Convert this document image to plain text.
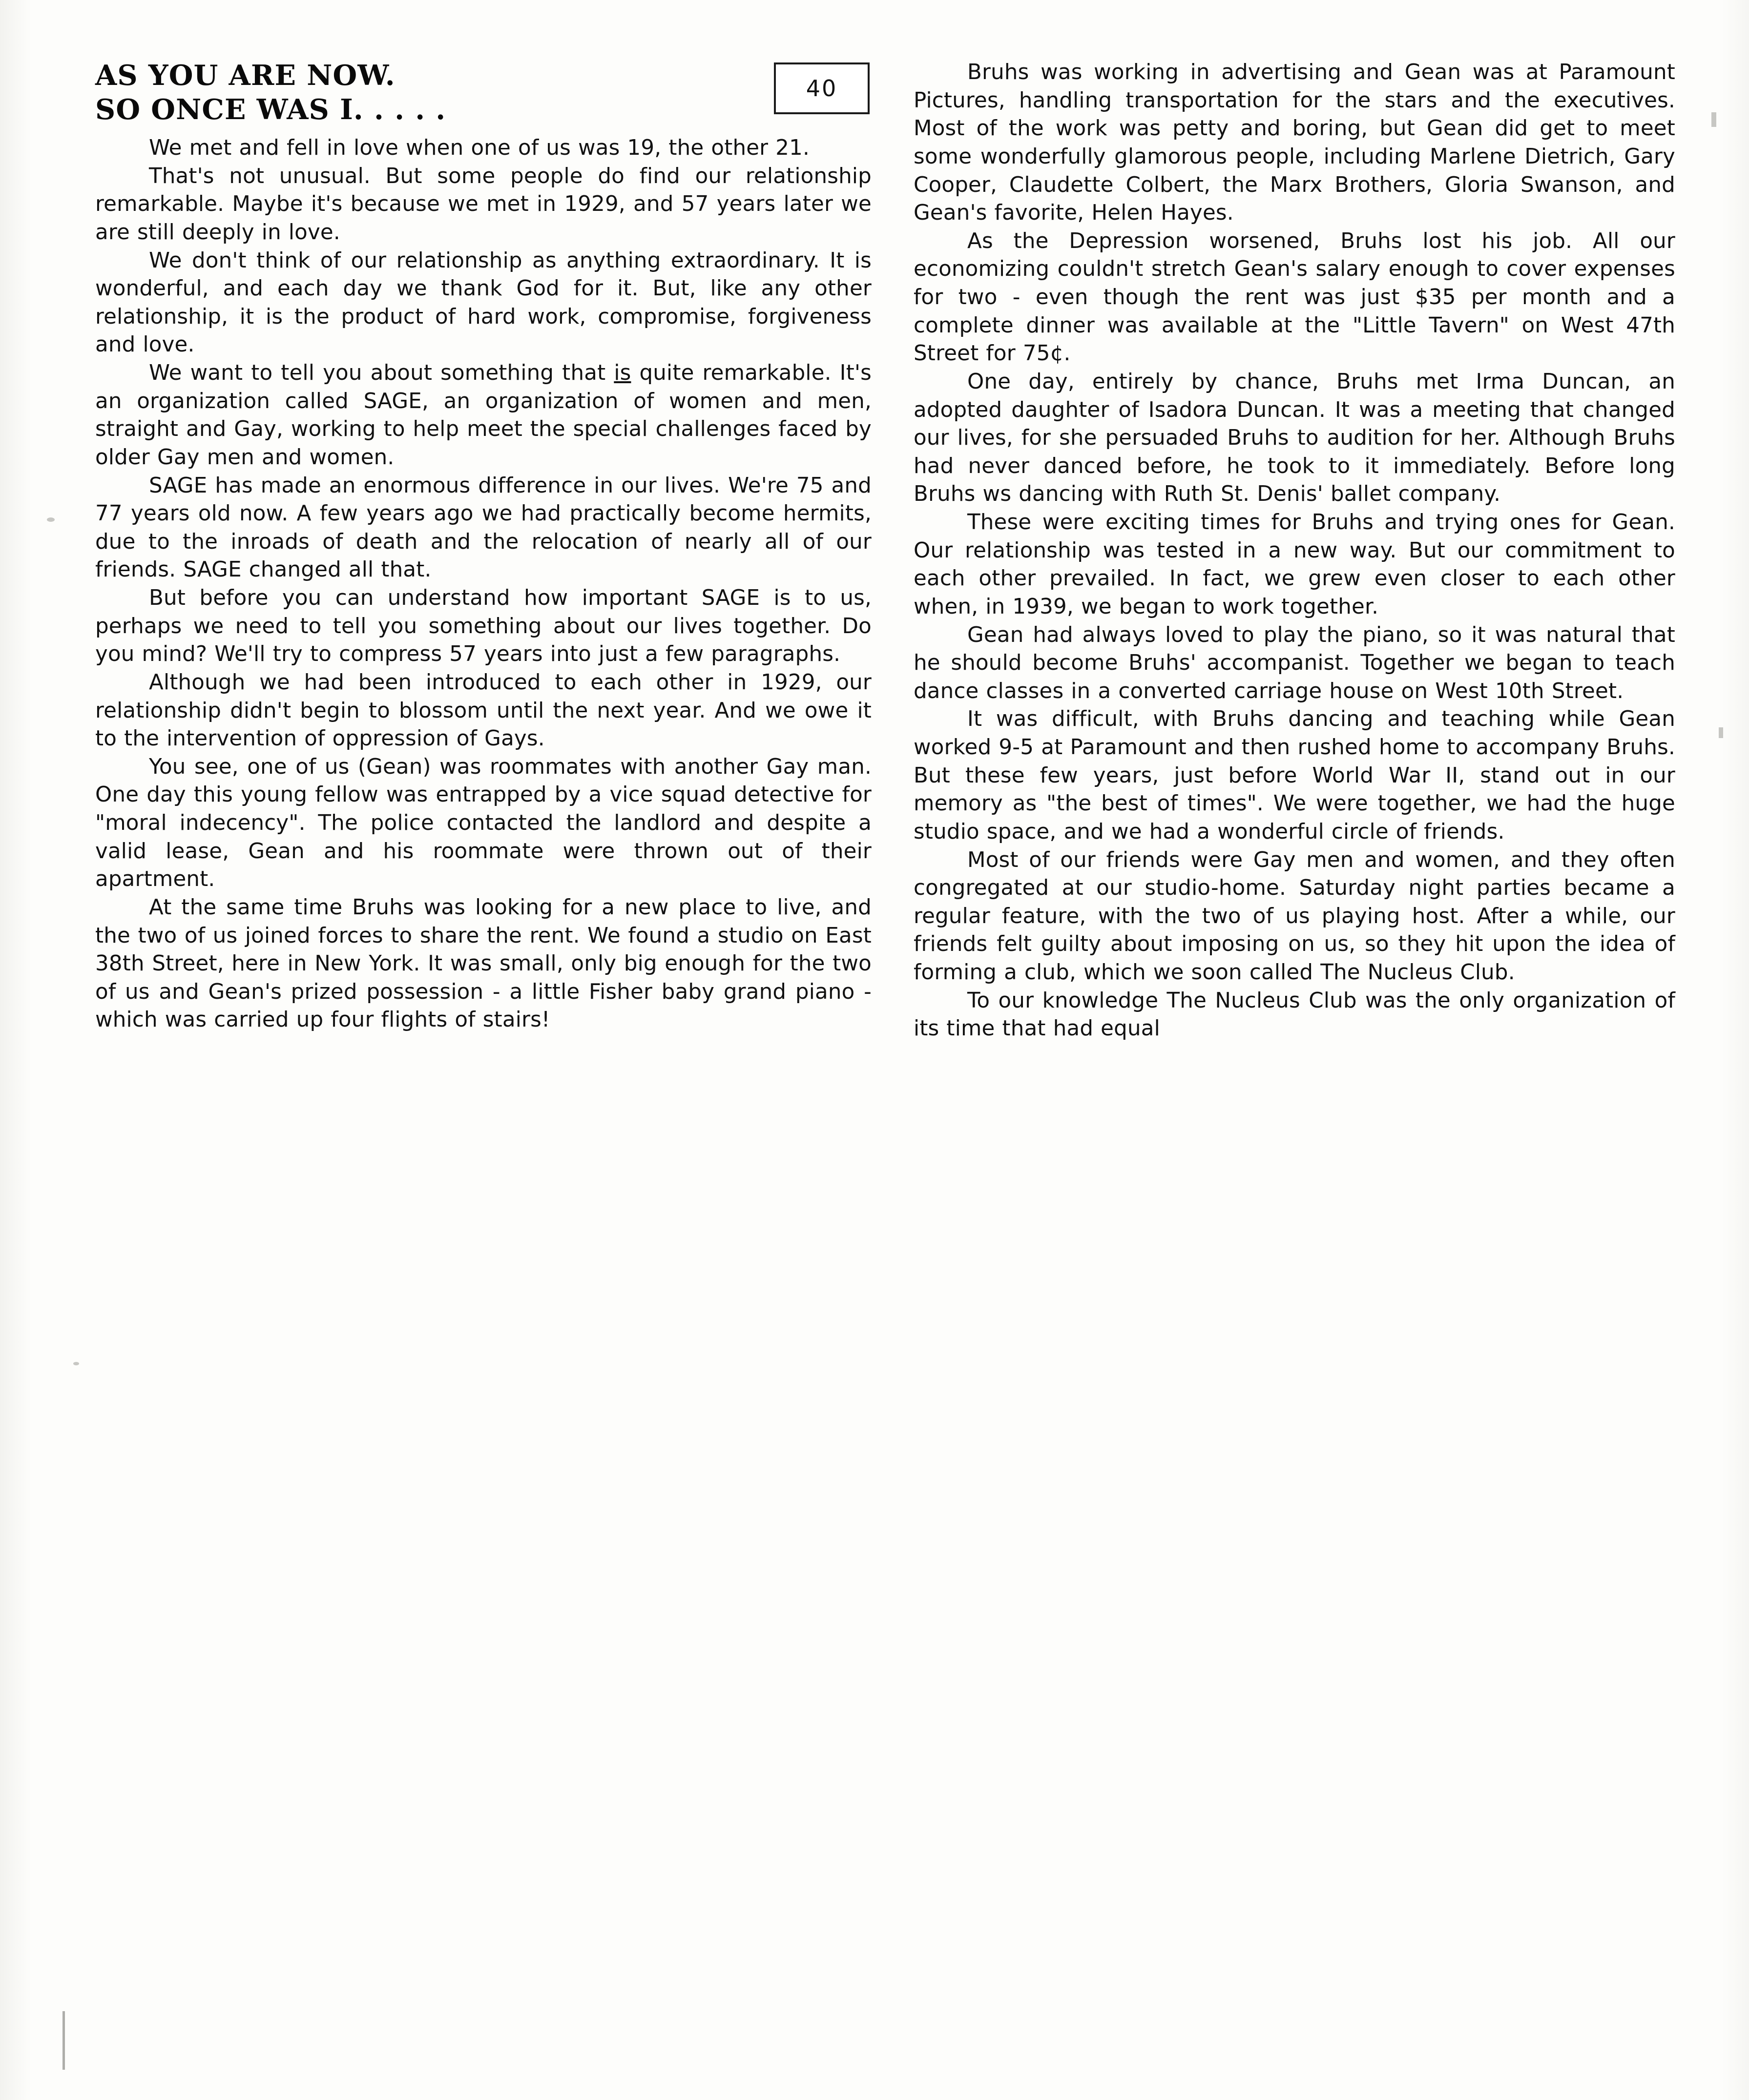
40
AS YOU ARE NOW.
SO ONCE WAS I. . . . .

We met and fell in love when one of us was 19, the other 21.

That's not unusual. But some people do find our relationship remarkable. Maybe it's because we met in 1929, and 57 years later we are still deeply in love.

We don't think of our relationship as anything extraordinary. It is wonderful, and each day we thank God for it. But, like any other relationship, it is the product of hard work, compromise, forgiveness and love.

We want to tell you about something that is quite remarkable. It's an organization called SAGE, an organization of women and men, straight and Gay, working to help meet the special challenges faced by older Gay men and women.

SAGE has made an enormous difference in our lives. We're 75 and 77 years old now. A few years ago we had practically become hermits, due to the inroads of death and the relocation of nearly all of our friends. SAGE changed all that.

But before you can understand how important SAGE is to us, perhaps we need to tell you something about our lives together. Do you mind? We'll try to compress 57 years into just a few paragraphs.

Although we had been introduced to each other in 1929, our relationship didn't begin to blossom until the next year. And we owe it to the intervention of oppression of Gays.

You see, one of us (Gean) was roommates with another Gay man. One day this young fellow was entrapped by a vice squad detective for "moral indecency". The police contacted the landlord and despite a valid lease, Gean and his roommate were thrown out of their apartment.

At the same time Bruhs was looking for a new place to live, and the two of us joined forces to share the rent. We found a studio on East 38th Street, here in New York. It was small, only big enough for the two of us and Gean's prized possession - a little Fisher baby grand piano - which was carried up four flights of stairs!

Bruhs was working in advertising and Gean was at Paramount Pictures, handling transportation for the stars and the executives. Most of the work was petty and boring, but Gean did get to meet some wonderfully glamorous people, including Marlene Dietrich, Gary Cooper, Claudette Colbert, the Marx Brothers, Gloria Swanson, and Gean's favorite, Helen Hayes.

As the Depression worsened, Bruhs lost his job. All our economizing couldn't stretch Gean's salary enough to cover expenses for two - even though the rent was just $35 per month and a complete dinner was available at the "Little Tavern" on West 47th Street for 75¢.

One day, entirely by chance, Bruhs met Irma Duncan, an adopted daughter of Isadora Duncan. It was a meeting that changed our lives, for she persuaded Bruhs to audition for her. Although Bruhs had never danced before, he took to it immediately. Before long Bruhs ws dancing with Ruth St. Denis' ballet company.

These were exciting times for Bruhs and trying ones for Gean. Our relationship was tested in a new way. But our commitment to each other prevailed. In fact, we grew even closer to each other when, in 1939, we began to work together.

Gean had always loved to play the piano, so it was natural that he should become Bruhs' accompanist. Together we began to teach dance classes in a converted carriage house on West 10th Street.

It was difficult, with Bruhs dancing and teaching while Gean worked 9-5 at Paramount and then rushed home to accompany Bruhs. But these few years, just before World War II, stand out in our memory as "the best of times". We were together, we had the huge studio space, and we had a wonderful circle of friends.

Most of our friends were Gay men and women, and they often congregated at our studio-home. Saturday night parties became a regular feature, with the two of us playing host. After a while, our friends felt guilty about imposing on us, so they hit upon the idea of forming a club, which we soon called The Nucleus Club.

To our knowledge The Nucleus Club was the only organization of its time that had equal
